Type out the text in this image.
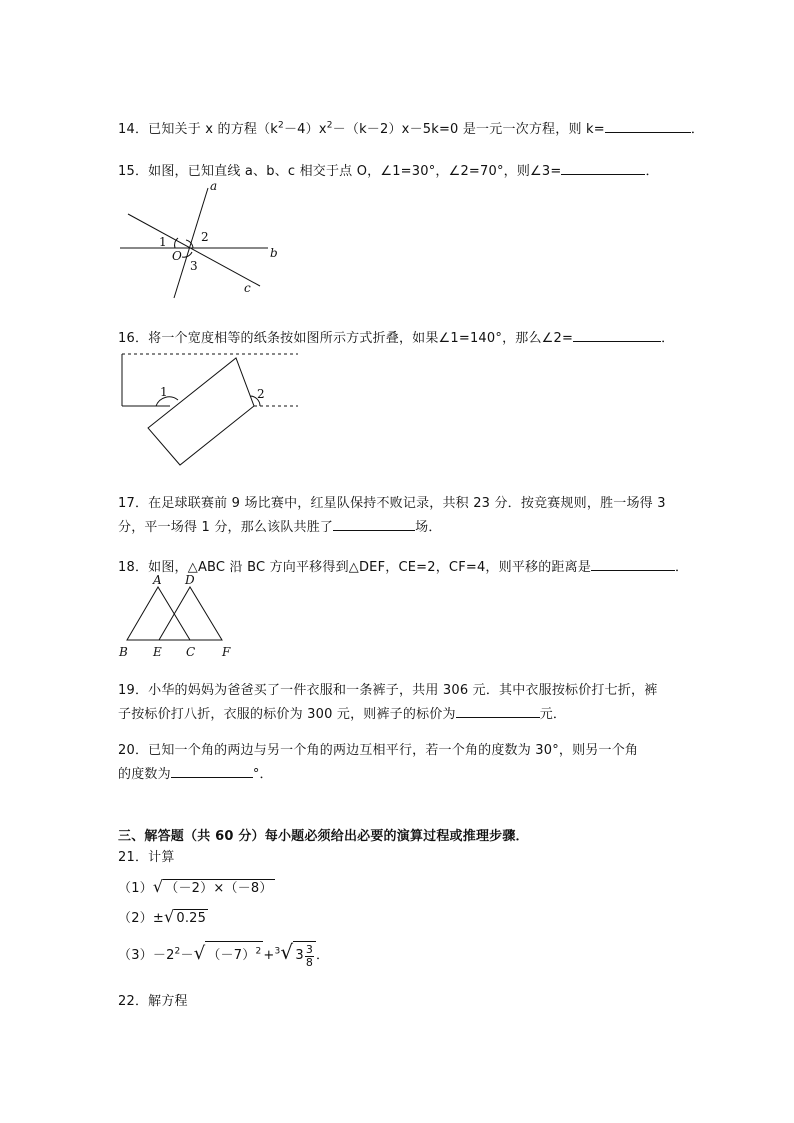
14．已知关于 x 的方程$(k^2-4)x^2-(k-2)x-5k=0$ 是一元一次方程，则 k=	．
15．如图，已知直线 a、b、c 相交于点 O，∠1=30°，∠2=70°，则∠3=	．
a
b
c
O
1	2
3
16．将一个宽度相等的纸条按如图所示方式折叠，如果∠1=140°，那么∠2=	．
1	2
17．在足球联赛前 9 场比赛中，红星队保持不败记录，共积 23 分．按竞赛规则，胜一场得 3
分，平一场得 1 分，那么该队共胜了	场．
18．如图，△ABC 沿 BC 方向平移得到△DEF，CE=2，CF=4，则平移的距离是	．
A D
B E C F
19．小华的妈妈为爸爸买了一件衣服和一条裤子，共用 306 元．其中衣服按标价打七折，裤
子按标价打八折，衣服的标价为 300 元，则裤子的标价为	元．
20．已知一个角的两边与另一个角的两边互相平行，若一个角的度数为 30°，则另一个角
的度数为	°．
三、解答题（共 60 分）每小题必须给出必要的演算过程或推理步骤．
21．计算
（1）√ （－2）×（－8）
（2）±√ 0.25
$(3)-2^2-√$ $(-7)^2 +^3√$ 3 3
8 ．
22．解方程
